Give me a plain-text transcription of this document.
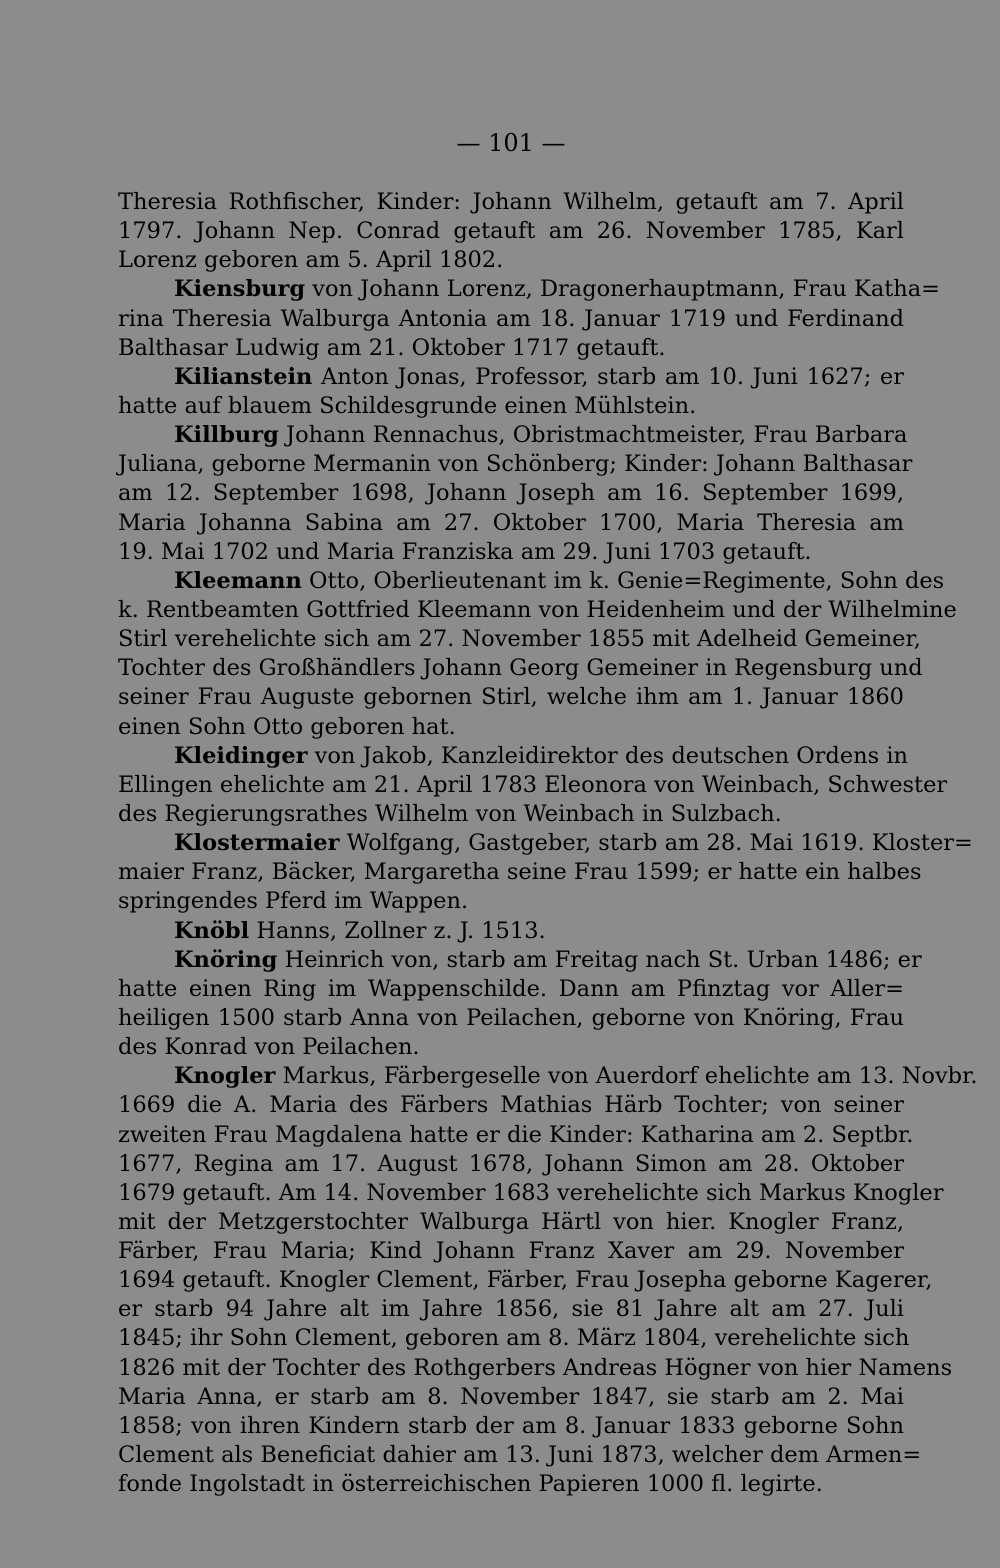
— 101 —
Theresia Rothfischer, Kinder: Johann Wilhelm, getauft am 7. April
1797. Johann Nep. Conrad getauft am 26. November 1785, Karl
Lorenz geboren am 5. April 1802.
Kiensburg von Johann Lorenz, Dragonerhauptmann, Frau Katha=
rina Theresia Walburga Antonia am 18. Januar 1719 und Ferdinand
Balthasar Ludwig am 21. Oktober 1717 getauft.
Kilianstein Anton Jonas, Professor, starb am 10. Juni 1627; er
hatte auf blauem Schildesgrunde einen Mühlstein.
Killburg Johann Rennachus, Obristmachtmeister, Frau Barbara
Juliana, geborne Mermanin von Schönberg; Kinder: Johann Balthasar
am 12. September 1698, Johann Joseph am 16. September 1699,
Maria Johanna Sabina am 27. Oktober 1700, Maria Theresia am
19. Mai 1702 und Maria Franziska am 29. Juni 1703 getauft.
Kleemann Otto, Oberlieutenant im k. Genie=Regimente, Sohn des
k. Rentbeamten Gottfried Kleemann von Heidenheim und der Wilhelmine
Stirl verehelichte sich am 27. November 1855 mit Adelheid Gemeiner,
Tochter des Großhändlers Johann Georg Gemeiner in Regensburg und
seiner Frau Auguste gebornen Stirl, welche ihm am 1. Januar 1860
einen Sohn Otto geboren hat.
Kleidinger von Jakob, Kanzleidirektor des deutschen Ordens in
Ellingen ehelichte am 21. April 1783 Eleonora von Weinbach, Schwester
des Regierungsrathes Wilhelm von Weinbach in Sulzbach.
Klostermaier Wolfgang, Gastgeber, starb am 28. Mai 1619. Kloster=
maier Franz, Bäcker, Margaretha seine Frau 1599; er hatte ein halbes
springendes Pferd im Wappen.
Knöbl Hanns, Zollner z. J. 1513.
Knöring Heinrich von, starb am Freitag nach St. Urban 1486; er
hatte einen Ring im Wappenschilde. Dann am Pfinztag vor Aller=
heiligen 1500 starb Anna von Peilachen, geborne von Knöring, Frau
des Konrad von Peilachen.
Knogler Markus, Färbergeselle von Auerdorf ehelichte am 13. Novbr.
1669 die A. Maria des Färbers Mathias Härb Tochter; von seiner
zweiten Frau Magdalena hatte er die Kinder: Katharina am 2. Septbr.
1677, Regina am 17. August 1678, Johann Simon am 28. Oktober
1679 getauft. Am 14. November 1683 verehelichte sich Markus Knogler
mit der Metzgerstochter Walburga Härtl von hier. Knogler Franz,
Färber, Frau Maria; Kind Johann Franz Xaver am 29. November
1694 getauft. Knogler Clement, Färber, Frau Josepha geborne Kagerer,
er starb 94 Jahre alt im Jahre 1856, sie 81 Jahre alt am 27. Juli
1845; ihr Sohn Clement, geboren am 8. März 1804, verehelichte sich
1826 mit der Tochter des Rothgerbers Andreas Högner von hier Namens
Maria Anna, er starb am 8. November 1847, sie starb am 2. Mai
1858; von ihren Kindern starb der am 8. Januar 1833 geborne Sohn
Clement als Beneficiat dahier am 13. Juni 1873, welcher dem Armen=
fonde Ingolstadt in österreichischen Papieren 1000 fl. legirte.
